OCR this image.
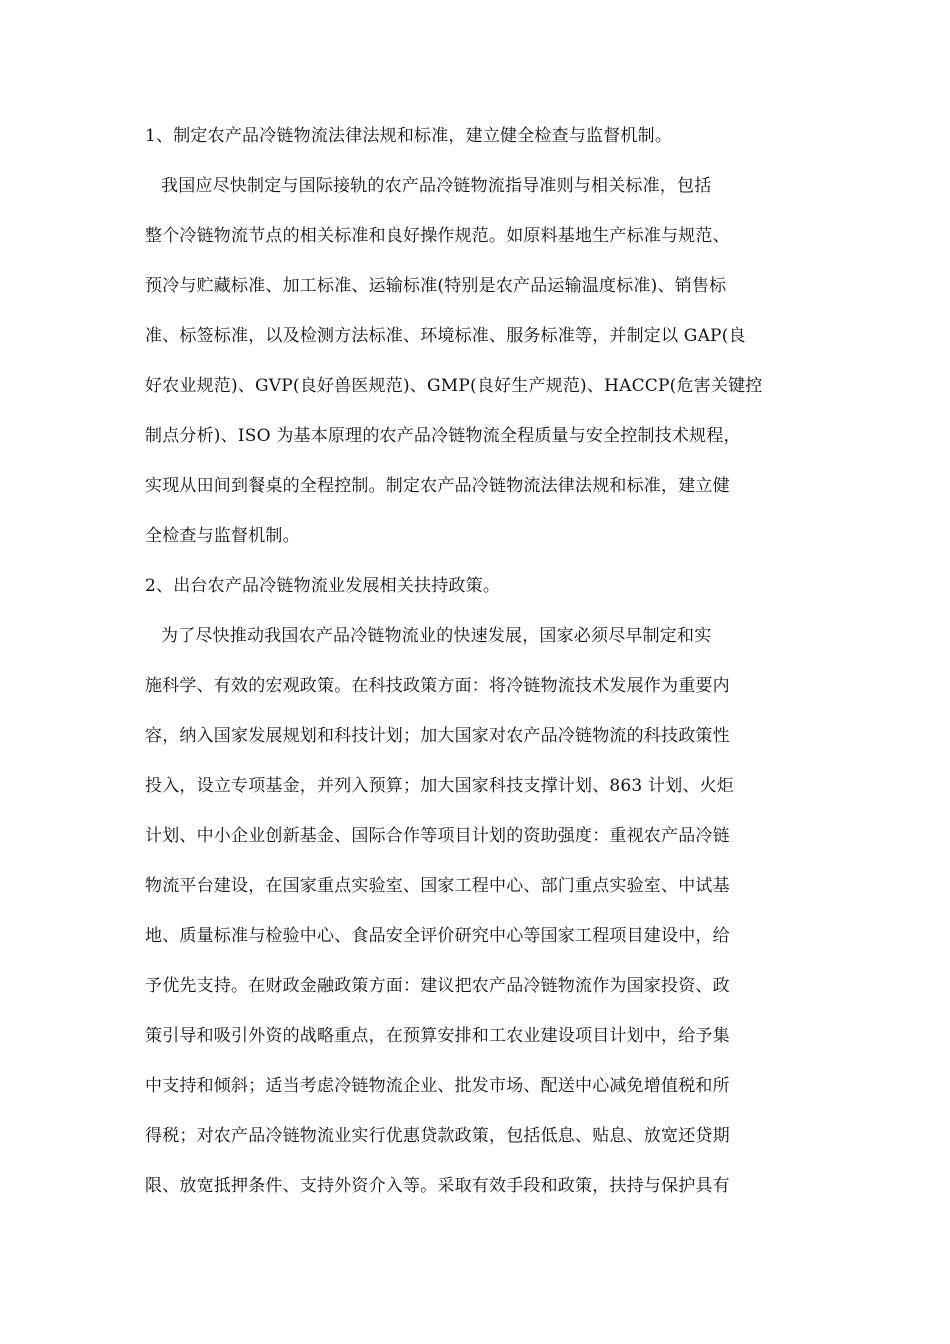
1、制定农产品冷链物流法律法规和标准，建立健全检查与监督机制。
我国应尽快制定与国际接轨的农产品冷链物流指导准则与相关标准，包括
整个冷链物流节点的相关标准和良好操作规范。如原料基地生产标准与规范、
预冷与贮藏标准、加工标准、运输标准(特别是农产品运输温度标准)、销售标
准、标签标准，以及检测方法标准、环境标准、服务标准等，并制定以 GAP(良
好农业规范)、GVP(良好兽医规范)、GMP(良好生产规范)、HACCP(危害关键控
制点分析)、ISO 为基本原理的农产品冷链物流全程质量与安全控制技术规程，
实现从田间到餐桌的全程控制。制定农产品冷链物流法律法规和标准，建立健
全检查与监督机制。
2、出台农产品冷链物流业发展相关扶持政策。
为了尽快推动我国农产品冷链物流业的快速发展，国家必须尽早制定和实
施科学、有效的宏观政策。在科技政策方面：将冷链物流技术发展作为重要内
容，纳入国家发展规划和科技计划；加大国家对农产品冷链物流的科技政策性
投入，设立专项基金，并列入预算；加大国家科技支撑计划、863 计划、火炬
计划、中小企业创新基金、国际合作等项目计划的资助强度：重视农产品冷链
物流平台建设，在国家重点实验室、国家工程中心、部门重点实验室、中试基
地、质量标准与检验中心、食品安全评价研究中心等国家工程项目建设中，给
予优先支持。在财政金融政策方面：建议把农产品冷链物流作为国家投资、政
策引导和吸引外资的战略重点，在预算安排和工农业建设项目计划中，给予集
中支持和倾斜；适当考虑冷链物流企业、批发市场、配送中心减免增值税和所
得税；对农产品冷链物流业实行优惠贷款政策，包括低息、贴息、放宽还贷期
限、放宽抵押条件、支持外资介入等。采取有效手段和政策，扶持与保护具有
